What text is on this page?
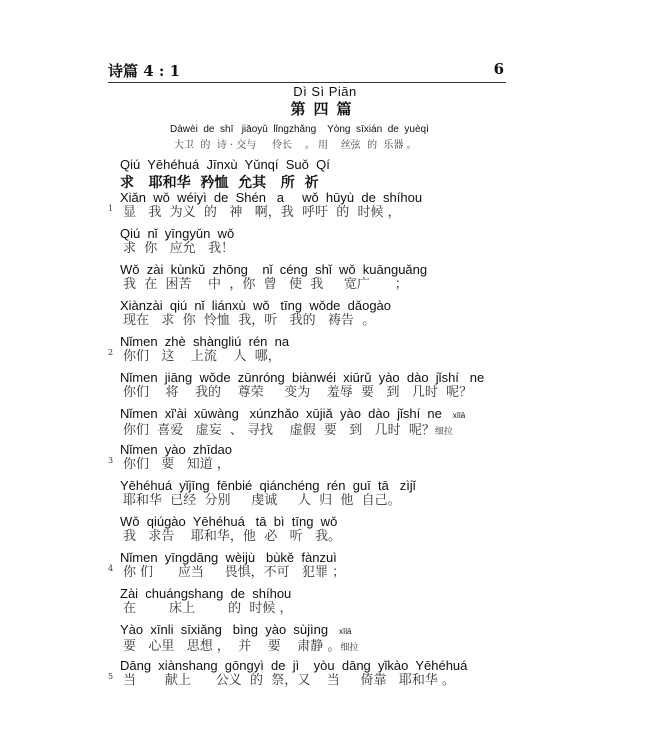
诗篇 4 : 1	6
Dì Sì Piān
第四篇
Dàwèi  de  shī   jiāoyǔ  lǐngzhǎng    Yòng  sīxián  de  yuèqì
大卫  的  诗 · 交与     伶长    。 用    丝弦  的  乐器 。
Qiú  Yēhéhuá  Jīnxù  Yǔnqí  Suǒ  Qí
求   耶和华  矜恤  允其   所  祈
1
Xiǎn  wǒ  wéiyì  de  Shén   a     wǒ  hūyù  de  shíhou
显   我  为义  的   神   啊，我  呼吁  的  时候 ，
Qiú  nǐ  yīngyǔn  wǒ
求  你   应允   我！
Wǒ  zài  kùnkǔ  zhōng    nǐ  céng  shǐ  wǒ  kuānguǎng
我  在  困苦    中  ，你  曾   使  我     宽广      ；
Xiànzài  qiú  nǐ  liánxù  wǒ   tīng  wǒde  dǎogào
现在   求  你  怜恤  我，听   我的   祷告  。
2
Nǐmen  zhè  shàngliú  rén  na
你们   这    上流    人  哪，
Nǐmen  jiāng  wǒde  zūnróng  biànwéi  xiūrǔ  yào  dào  jǐshí   ne
你们    将    我的    尊荣     变为    羞辱  要   到   几时  呢？
Nǐmen  xǐ'ài  xūwàng   xúnzhǎo  xūjiǎ  yào  dào  jǐshí  ne xīlā
你们  喜爱   虚妄  、 寻找    虚假  要   到   几时  呢？细拉
3
Nǐmen  yào  zhīdao
你们   要   知道 ，
Yēhéhuá  yǐjīng  fēnbié  qiánchéng  rén  guī  tā   zìjǐ
耶和华  已经  分别     虔诚     人  归  他  自己。
Wǒ  qiúgào  Yēhéhuá   tā  bì  tīng  wǒ
我   求告    耶和华，他  必   听   我。
4
Nǐmen  yīngdāng  wèijù   bùkě  fànzuì
你 们      应当     畏惧，不可   犯罪 ；
Zài  chuángshang  de  shíhou
在        床上        的  时候 ，
Yào  xīnli  sīxiǎng   bìng  yào  sùjìng xīlā
要   心里   思想 ，  并    要    肃静 。细拉
5
Dāng  xiànshang  gōngyì  de  jì    yòu  dāng  yǐkào  Yēhéhuá
当       献上      公义  的  祭，又    当     倚靠   耶和华 。
